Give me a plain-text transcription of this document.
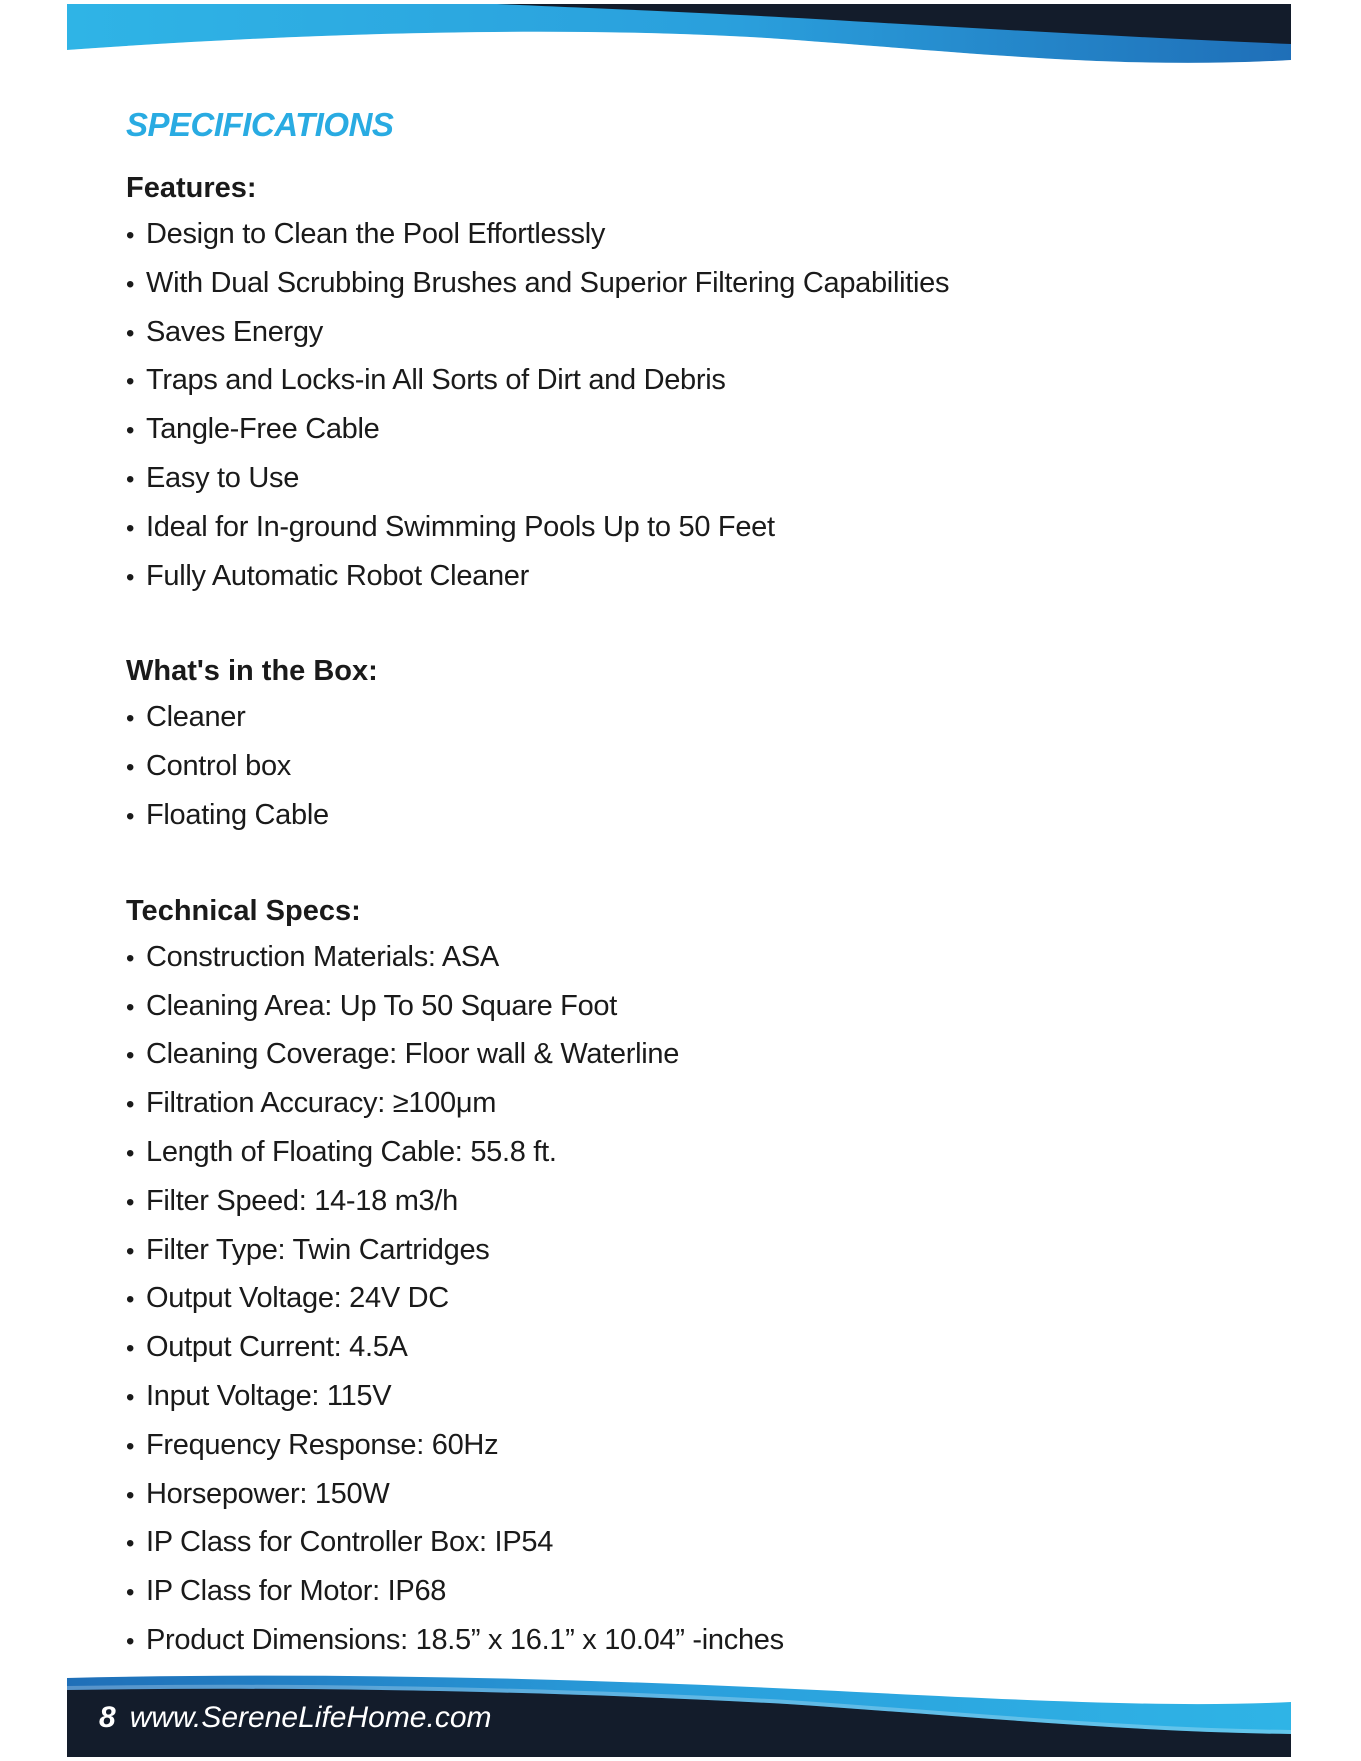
SPECIFICATIONS
Features:
• Design to Clean the Pool Effortlessly
• With Dual Scrubbing Brushes and Superior Filtering Capabilities
• Saves Energy
• Traps and Locks-in All Sorts of Dirt and Debris
• Tangle-Free Cable
• Easy to Use
• Ideal for In-ground Swimming Pools Up to 50 Feet
• Fully Automatic Robot Cleaner
What's in the Box:
• Cleaner
• Control box
• Floating Cable
Technical Specs:
• Construction Materials: ASA
• Cleaning Area: Up To 50 Square Foot
• Cleaning Coverage: Floor wall & Waterline
• Filtration Accuracy: ≥100μm
• Length of Floating Cable: 55.8 ft.
• Filter Speed: 14-18 m3/h
• Filter Type: Twin Cartridges
• Output Voltage: 24V DC
• Output Current: 4.5A
• Input Voltage: 115V
• Frequency Response: 60Hz
• Horsepower: 150W
• IP Class for Controller Box: IP54
• IP Class for Motor: IP68
• Product Dimensions: 18.5” x 16.1” x 10.04” -inches
8 www.SereneLifeHome.com
